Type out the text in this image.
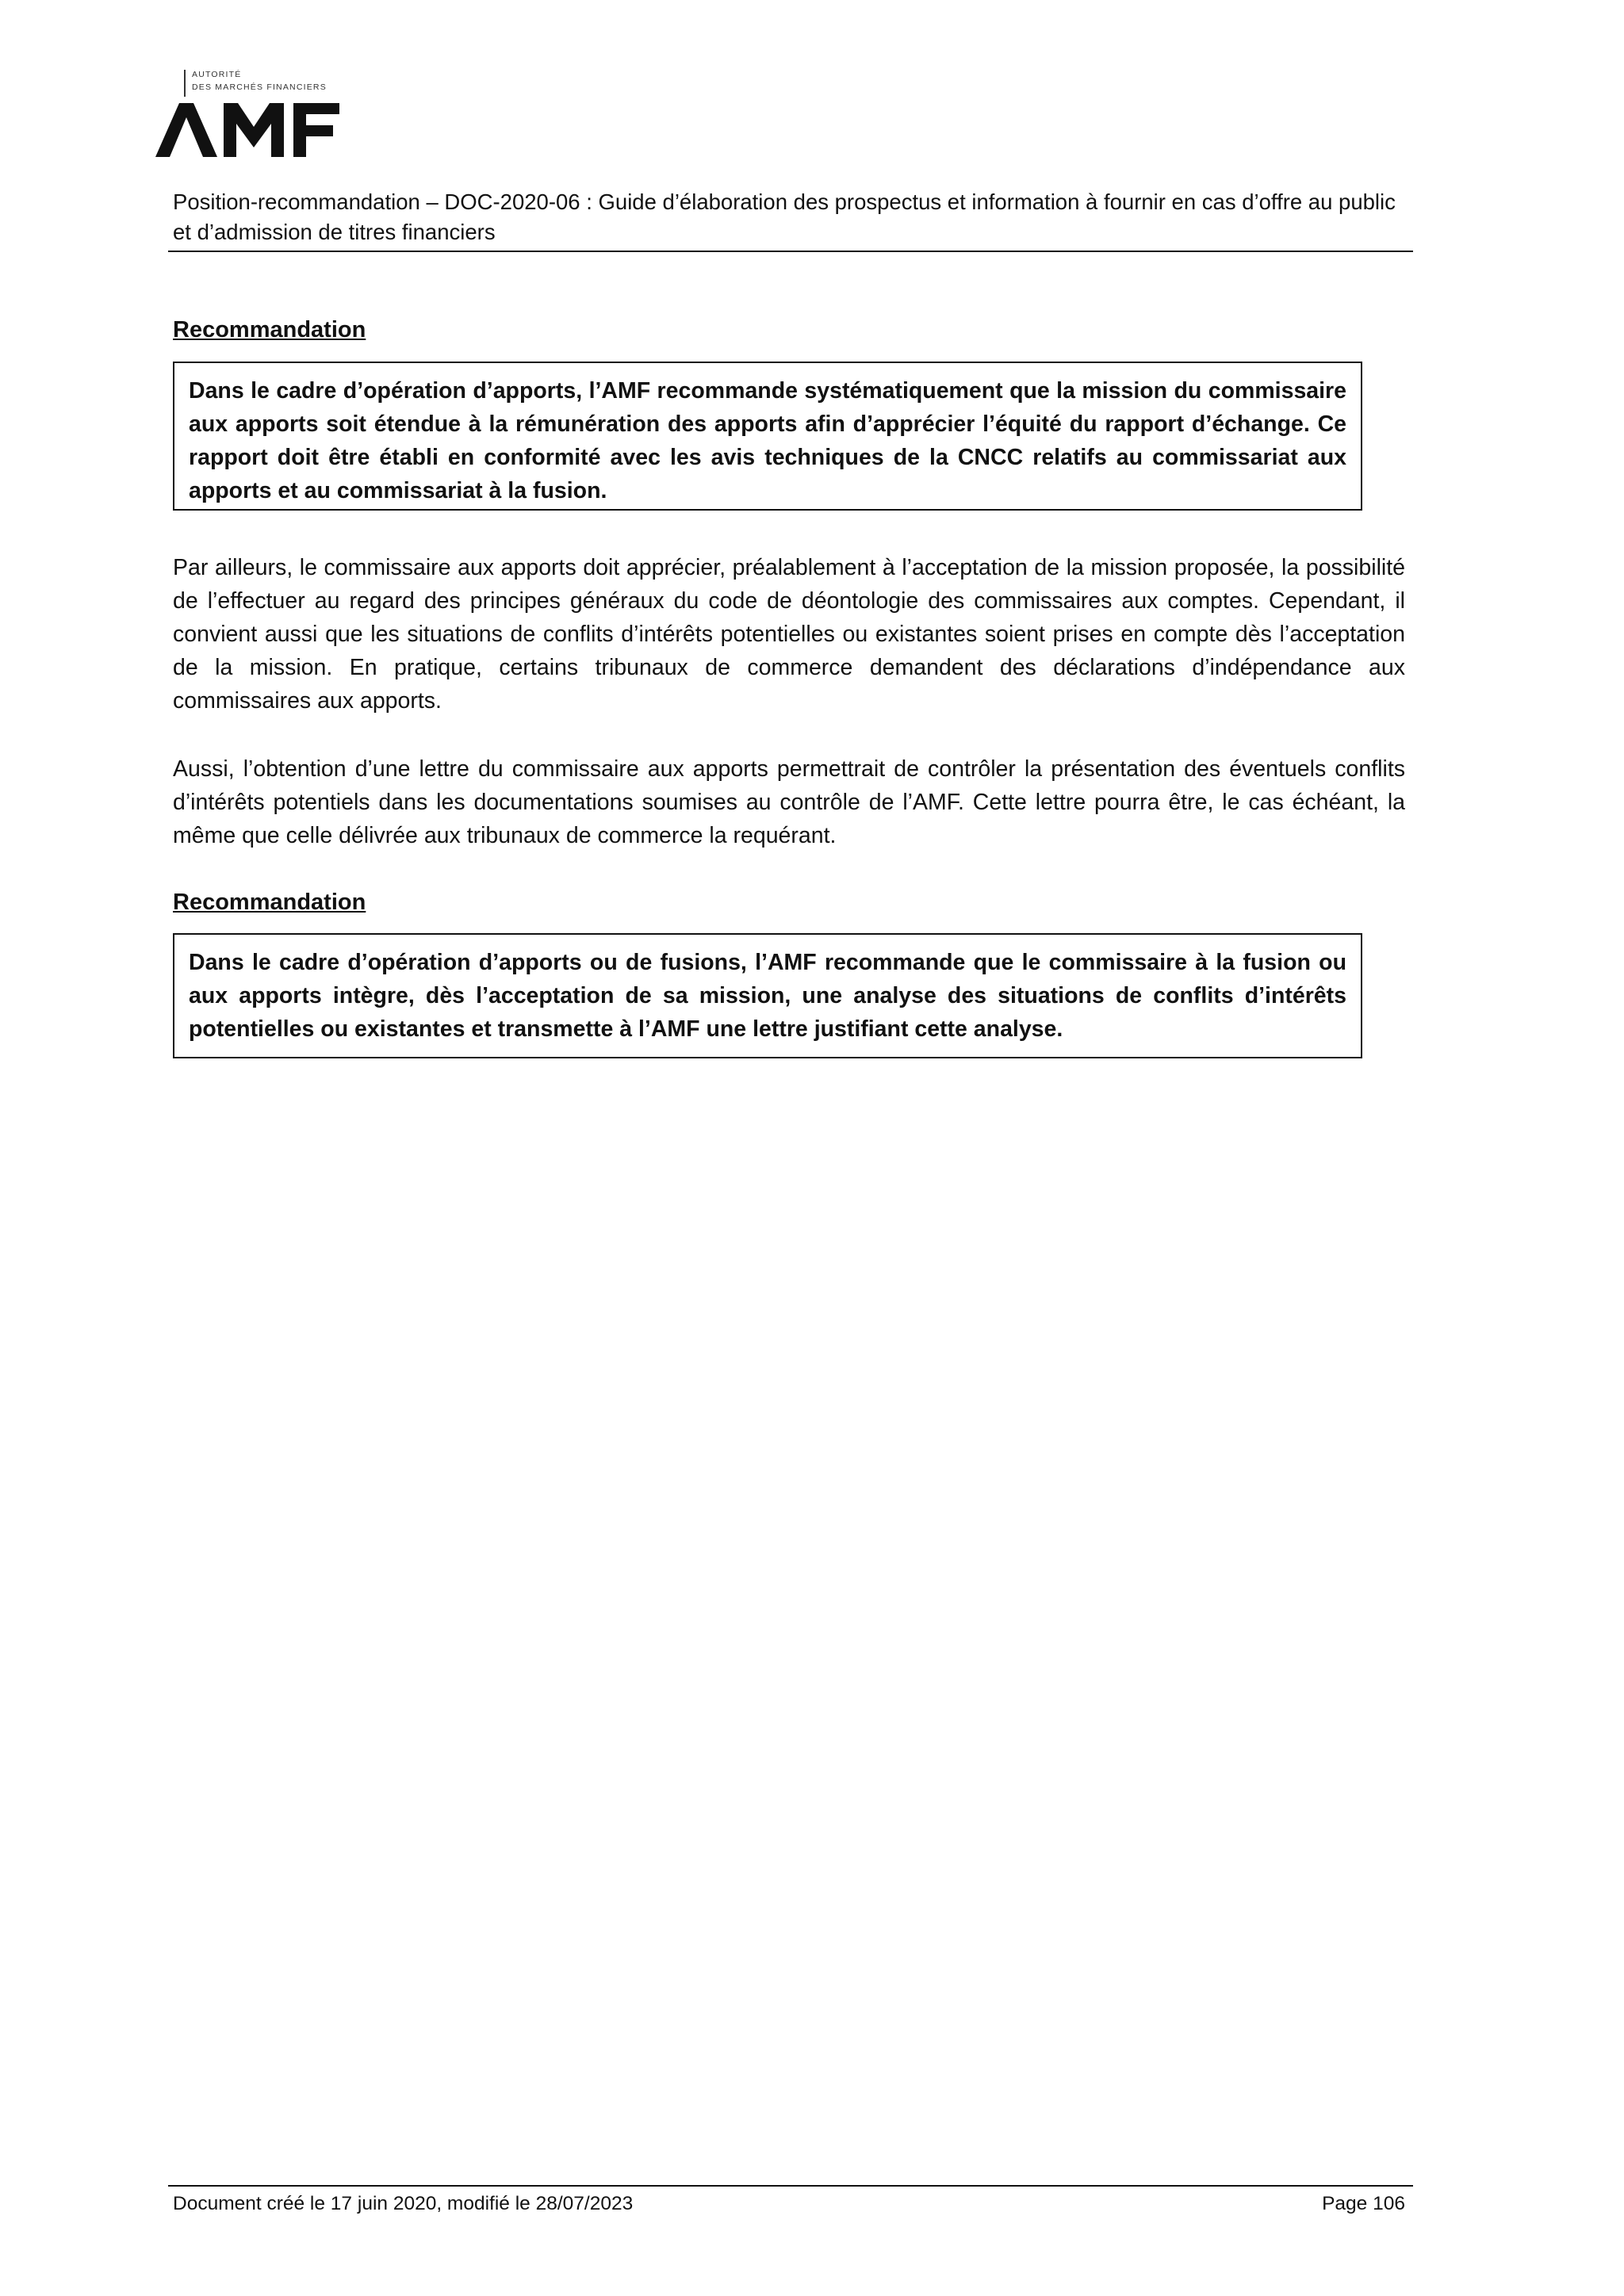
AUTORITÉ
DES MARCHÉS FINANCIERS

Position-recommandation – DOC-2020-06 : Guide d’élaboration des prospectus et information à fournir en cas d’offre au public et d’admission de titres financiers

Recommandation
Dans le cadre d’opération d’apports, l’AMF recommande systématiquement que la mission du commissaire aux apports soit étendue à la rémunération des apports afin d’apprécier l’équité du rapport d’échange. Ce rapport doit être établi en conformité avec les avis techniques de la CNCC relatifs au commissariat aux apports et au commissariat à la fusion.

Par ailleurs, le commissaire aux apports doit apprécier, préalablement à l’acceptation de la mission proposée, la possibilité de l’effectuer au regard des principes généraux du code de déontologie des commissaires aux comptes. Cependant, il convient aussi que les situations de conflits d’intérêts potentielles ou existantes soient prises en compte dès l’acceptation de la mission. En pratique, certains tribunaux de commerce demandent des déclarations d’indépendance aux commissaires aux apports.

Aussi, l’obtention d’une lettre du commissaire aux apports permettrait de contrôler la présentation des éventuels conflits d’intérêts potentiels dans les documentations soumises au contrôle de l’AMF. Cette lettre pourra être, le cas échéant, la même que celle délivrée aux tribunaux de commerce la requérant.

Recommandation
Dans le cadre d’opération d’apports ou de fusions, l’AMF recommande que le commissaire à la fusion ou aux apports intègre, dès l’acceptation de sa mission, une analyse des situations de conflits d’intérêts potentielles ou existantes et transmette à l’AMF une lettre justifiant cette analyse.
Document créé le 17 juin 2020, modifié le 28/07/2023	Page 106
